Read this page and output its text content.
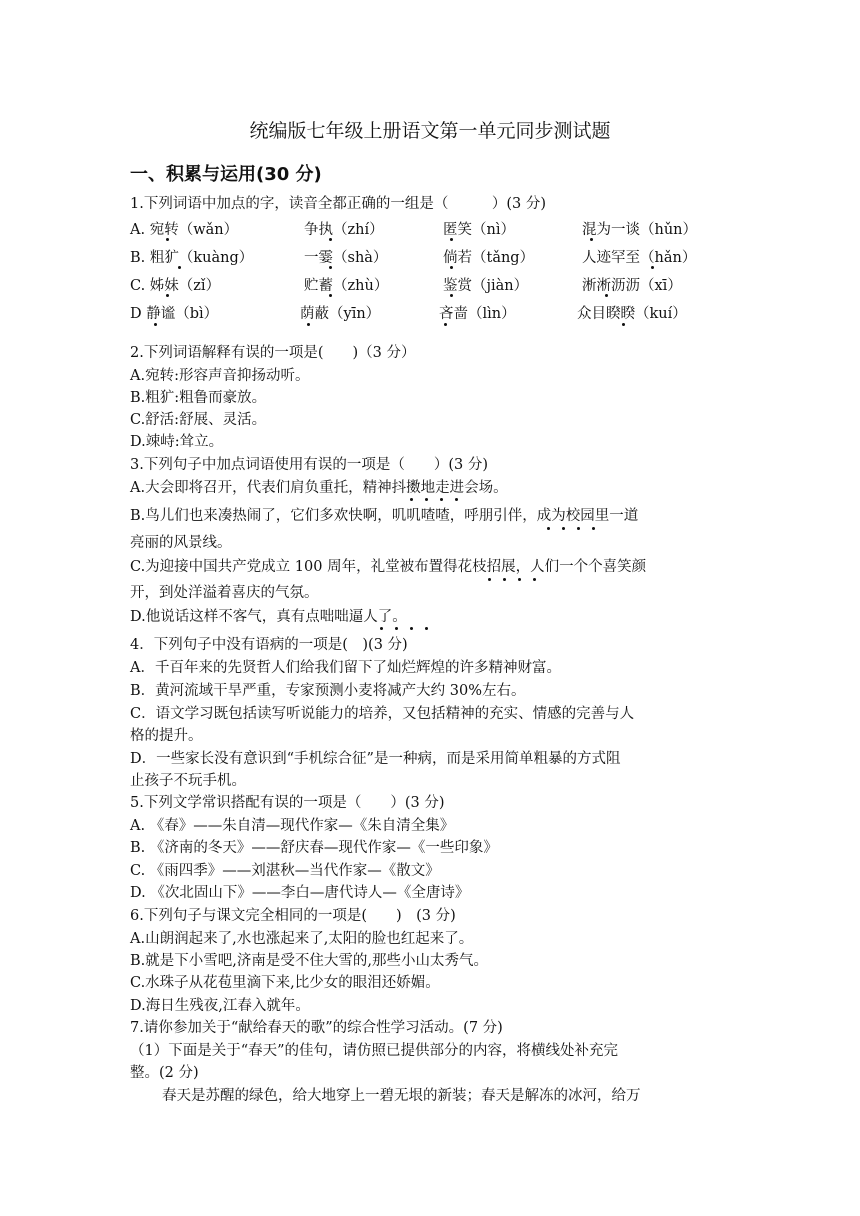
统编版七年级上册语文第一单元同步测试题
一、积累与运用(30 分)
1.下列词语中加点的字，读音全都正确的一组是（　　　）(3 分)
A. 宛转（wǎn）	争执（zhí）	匿笑（nì）	混为一谈（hǔn）
B. 粗犷（kuàng）	一霎（shà）	倘若（tǎng）	人迹罕至（hǎn）
C. 姊妹（zǐ）	贮蓄（zhù）	鉴赏（jiàn）	淅淅沥沥（xī）
D 静谧（bì）	荫蔽（yīn）	吝啬（lìn）	众目睽睽（kuí）
2.下列词语解释有误的一项是(　　)（3 分）
A.宛转:形容声音抑扬动听。
B.粗犷:粗鲁而豪放。
C.舒活:舒展、灵活。
D.竦峙:耸立。
3.下列句子中加点词语使用有误的一项是（　　）(3 分)
A.大会即将召开，代表们肩负重托，精神抖擞地走进会场。
B.鸟儿们也来凑热闹了，它们多欢快啊，叽叽喳喳，呼朋引伴，成为校园里一道
亮丽的风景线。
C.为迎接中国共产党成立 100 周年，礼堂被布置得花枝招展，人们一个个喜笑颜
开，到处洋溢着喜庆的气氛。
D.他说话这样不客气，真有点咄咄逼人了。
4．下列句子中没有语病的一项是(　)(3 分)
A．千百年来的先贤哲人们给我们留下了灿烂辉煌的许多精神财富。
B．黄河流域干旱严重，专家预测小麦将减产大约 30%左右。
C．语文学习既包括读写听说能力的培养，又包括精神的充实、情感的完善与人
格的提升。
D．一些家长没有意识到“手机综合征”是一种病，而是采用简单粗暴的方式阻
止孩子不玩手机。
5.下列文学常识搭配有误的一项是（　　）(3 分)
A. 《春》——朱自清—现代作家—《朱自清全集》
B. 《济南的冬天》——舒庆春—现代作家—《一些印象》
C. 《雨四季》——刘湛秋—当代作家—《散文》
D. 《次北固山下》——李白—唐代诗人—《全唐诗》
6.下列句子与课文完全相同的一项是(　　)　(3 分)
A.山朗润起来了,水也涨起来了,太阳的脸也红起来了。
B.就是下小雪吧,济南是受不住大雪的,那些小山太秀气。
C.水珠子从花苞里滴下来,比少女的眼泪还娇媚。
D.海日生残夜,江春入就年。
7.请你参加关于“献给春天的歌”的综合性学习活动。(7 分)
（1）下面是关于“春天”的佳句，请仿照已提供部分的内容，将横线处补充完
整。(2 分)
春天是苏醒的绿色，给大地穿上一碧无垠的新装；春天是解冻的冰河，给万
